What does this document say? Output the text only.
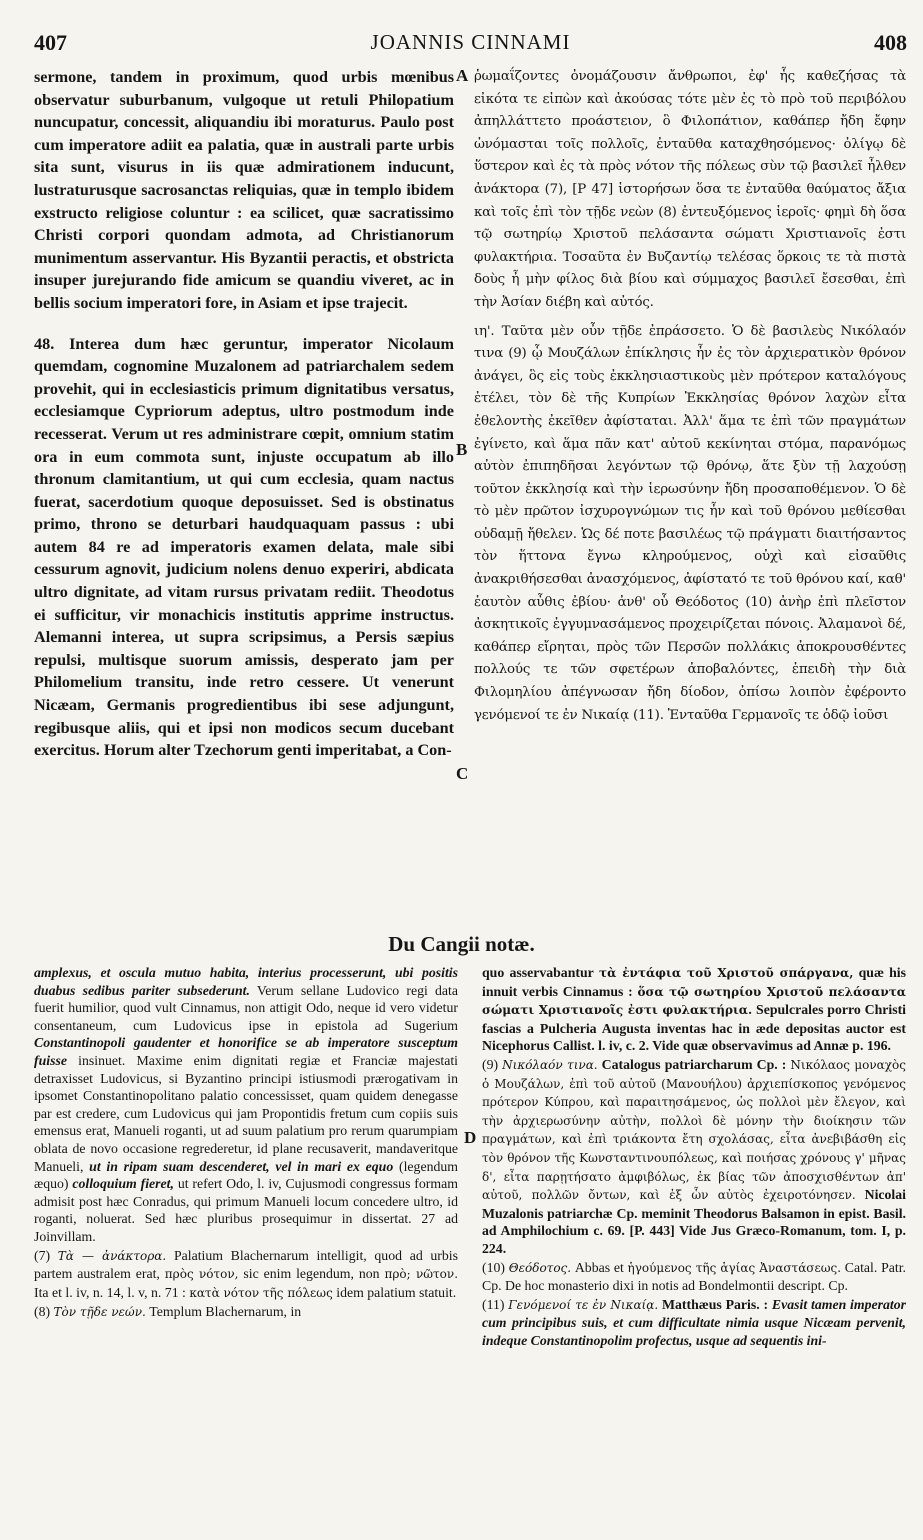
407	JOANNIS CINNAMI	408

sermone, tandem in proximum, quod urbis mœnibus observatur suburbanum, vulgoque ut retuli Philopatium nuncupatur, concessit, aliquandiu ibi moraturus. Paulo post cum imperatore adiit ea palatia, quæ in australi parte urbis sita sunt, visurus in iis quæ admirationem inducunt, lustraturusque sacrosanctas reliquias, quæ in templo ibidem exstructo religiose coluntur : ea scilicet, quæ sacratissimo Christi corpori quondam admota, ad Christianorum munimentum asservantur. His Byzantii peractis, et obstricta insuper jurejurando fide amicum se quandiu viveret, ac in bellis socium imperatori fore, in Asiam et ipse trajecit.

48. Interea dum hæc geruntur, imperator Nicolaum quemdam, cognomine Muzalonem ad patriarchalem sedem provehit, qui in ecclesiasticis primum dignitatibus versatus, ecclesiamque Cypriorum adeptus, ultro postmodum inde recesserat. Verum ut res administrare cœpit, omnium statim ora in eum commota sunt, injuste occupatum ab illo thronum clamitantium, ut qui cum ecclesia, quam nactus fuerat, sacerdotium quoque deposuisset. Sed is obstinatus primo, throno se deturbari haudquaquam passus : ubi autem 84 re ad imperatoris examen delata, male sibi cessurum agnovit, judicium nolens denuo experiri, abdicata ultro dignitate, ad vitam rursus privatam rediit. Theodotus ei sufficitur, vir monachicis institutis apprime instructus. Alemanni interea, ut supra scripsimus, a Persis sæpius repulsi, multisque suorum amissis, desperato jam per Philomelium transitu, inde retro cessere. Ut venerunt Nicæam, Germanis progredientibus ibi sese adjungunt, regibusque aliis, qui et ipsi non modicos secum ducebant exercitus. Horum alter Tzechorum genti imperitabat, a Con-

ῥωμαΐζοντες ὀνομάζουσιν ἄνθρωποι, ἐφ' ἧς καθεζήσας τὰ εἰκότα τε εἰπὼν καὶ ἀκούσας τότε μὲν ἐς τὸ πρὸ τοῦ περιβόλου ἀπηλλάττετο προάστειον, ὃ Φιλοπάτιον, καθάπερ ἤδη ἔφην ὠνόμασται τοῖς πολλοῖς, ἐνταῦθα καταχθησόμενος· ὀλίγῳ δὲ ὕστερον καὶ ἐς τὰ πρὸς νότον τῆς πόλεως σὺν τῷ βασιλεῖ ἦλθεν ἀνάκτορα (7), [P 47] ἱστορήσων ὅσα τε ἐνταῦθα θαύματος ἄξια καὶ τοῖς ἐπὶ τὸν τῇδε νεὼν (8) ἐντευξόμενος ἱεροῖς· φημὶ δὴ ὅσα τῷ σωτηρίῳ Χριστοῦ πελάσαντα σώματι Χριστιανοῖς ἐστι φυλακτήρια. Τοσαῦτα ἐν Βυζαντίῳ τελέσας ὅρκοις τε τὰ πιστὰ δοὺς ἦ μὴν φίλος διὰ βίου καὶ σύμμαχος βασιλεῖ ἔσεσθαι, ἐπὶ τὴν Ἀσίαν διέβη καὶ αὐτός.

ιη'. Ταῦτα μὲν οὖν τῇδε ἐπράσσετο. Ὁ δὲ βασιλεὺς Νικόλαόν τινα (9) ᾧ Μουζάλων ἐπίκλησις ἦν ἐς τὸν ἀρχιερατικὸν θρόνον ἀνάγει, ὃς εἰς τοὺς ἐκκλησιαστικοὺς μὲν πρότερον καταλόγους ἐτέλει, τὸν δὲ τῆς Κυπρίων Ἐκκλησίας θρόνον λαχὼν εἶτα ἐθελοντὴς ἐκεῖθεν ἀφίσταται. Ἀλλ' ἅμα τε ἐπὶ τῶν πραγμάτων ἐγίνετο, καὶ ἅμα πᾶν κατ' αὐτοῦ κεκίνηται στόμα, παρανόμως αὐτὸν ἐπιπηδῆσαι λεγόντων τῷ θρόνῳ, ἅτε ξὺν τῇ λαχούσῃ τοῦτον ἐκκλησίᾳ καὶ τὴν ἱερωσύνην ἤδη προσαποθέμενον. Ὁ δὲ τὸ μὲν πρῶτον ἰσχυρογνώμων τις ἦν καὶ τοῦ θρόνου μεθίεσθαι οὐδαμῇ ἤθελεν. Ὡς δέ ποτε βασιλέως τῷ πράγματι διαιτήσαντος τὸν ἥττονα ἔγνω κληρούμενος, οὐχὶ καὶ εἰσαῦθις ἀνακριθήσεσθαι ἀνασχόμενος, ἀφίστατό τε τοῦ θρόνου καί, καθ' ἑαυτὸν αὖθις ἐβίου· ἀνθ' οὗ Θεόδοτος (10) ἀνὴρ ἐπὶ πλεῖστον ἀσκητικοῖς ἐγγυμνασάμενος προχειρίζεται πόνοις. Ἀλαμανοὶ δέ, καθάπερ εἴρηται, πρὸς τῶν Περσῶν πολλάκις ἀποκρουσθέντες πολλούς τε τῶν σφετέρων ἀποβαλόντες, ἐπειδὴ τὴν διὰ Φιλομηλίου ἀπέγνωσαν ἤδη δίοδον, ὀπίσω λοιπὸν ἐφέροντο γενόμενοί τε ἐν Νικαίᾳ (11). Ἐνταῦθα Γερμανοῖς τε ὁδῷ ἰοῦσι

A
B
C
D
Du Cangii notæ.

amplexus, et oscula mutuo habita, interius processerunt, ubi positis duabus sedibus pariter subsederunt. Verum sellane Ludovico regi data fuerit humilior, quod vult Cinnamus, non attigit Odo, neque id vero videtur consentaneum, cum Ludovicus ipse in epistola ad Sugerium Constantinopoli gaudenter et honorifice se ab imperatore susceptum fuisse insinuet. Maxime enim dignitati regiæ et Franciæ majestati detraxisset Ludovicus, si Byzantino principi istiusmodi prærogativam in ipsomet Constantinopolitano palatio concessisset, quam quidem denegasse par est credere, cum Ludovicus qui jam Propontidis fretum cum copiis suis emensus erat, Manueli roganti, ut ad suum palatium pro rerum quarumpiam oblata de novo occasione regrederetur, id plane recusaverit, mandaveritque Manueli, ut in ripam suam descenderet, vel in mari ex equo (legendum æquo) colloquium fieret, ut refert Odo, l. iv, Cujusmodi congressus formam admisit post hæc Conradus, qui primum Manueli locum concedere ultro, id roganti, noluerat. Sed hæc pluribus prosequimur in dissertat. 27 ad Joinvillam.

(7) Τὰ — ἀνάκτορα. Palatium Blachernarum intelligit, quod ad urbis partem australem erat, πρὸς νότον, sic enim legendum, non πρὸ; νῶτον. Ita et l. iv, n. 14, l. v, n. 71 : κατὰ νότον τῆς πόλεως idem palatium statuit.

(8) Τὸν τῇδε νεών. Templum Blachernarum, in

quo asservabantur τὰ ἐντάφια τοῦ Χριστοῦ σπάργανα, quæ his innuit verbis Cinnamus : ὅσα τῷ σωτηρίου Χριστοῦ πελάσαντα σώματι Χριστιανοῖς ἐστι φυλακτήρια. Sepulcrales porro Christi fascias a Pulcheria Augusta inventas hac in æde depositas auctor est Nicephorus Callist. l. iv, c. 2. Vide quæ observavimus ad Annæ p. 196.

(9) Νικόλαόν τινα. Catalogus patriarcharum Cp. : Νικόλαος μοναχὸς ὁ Μουζάλων, ἐπὶ τοῦ αὐτοῦ (Μανουήλου) ἀρχιεπίσκοπος γενόμενος πρότερον Κύπρου, καὶ παραιτησάμενος, ὡς πολλοὶ μὲν ἔλεγον, καὶ τὴν ἀρχιερωσύνην αὐτὴν, πολλοὶ δὲ μόνην τὴν διοίκησιν τῶν πραγμάτων, καὶ ἐπὶ τριάκοντα ἔτη σχολάσας, εἶτα ἀνεβιβάσθη εἰς τὸν θρόνον τῆς Κωνσταντινουπόλεως, καὶ ποιήσας χρόνους γ' μῆνας δ', εἶτα παρῃτήσατο ἀμφιβόλως, ἐκ βίας τῶν ἀποσχισθέντων ἀπ' αὐτοῦ, πολλῶν ὄντων, καὶ ἐξ ὧν αὐτὸς ἐχειροτόνησεν. Nicolai Muzalonis patriarchæ Cp. meminit Theodorus Balsamon in epist. Basil. ad Amphilochium c. 69. [P. 443] Vide Jus Græco-Romanum, tom. I, p. 224.

(10) Θεόδοτος. Abbas et ἡγούμενος τῆς ἁγίας Ἀναστάσεως. Catal. Patr. Cp. De hoc monasterio dixi in notis ad Bondelmontii descript. Cp.

(11) Γενόμενοί τε ἐν Νικαίᾳ. Matthæus Paris. : Evasit tamen imperator cum principibus suis, et cum difficultate nimia usque Nicæam pervenit, indeque Constantinopolim profectus, usque ad sequentis ini-
